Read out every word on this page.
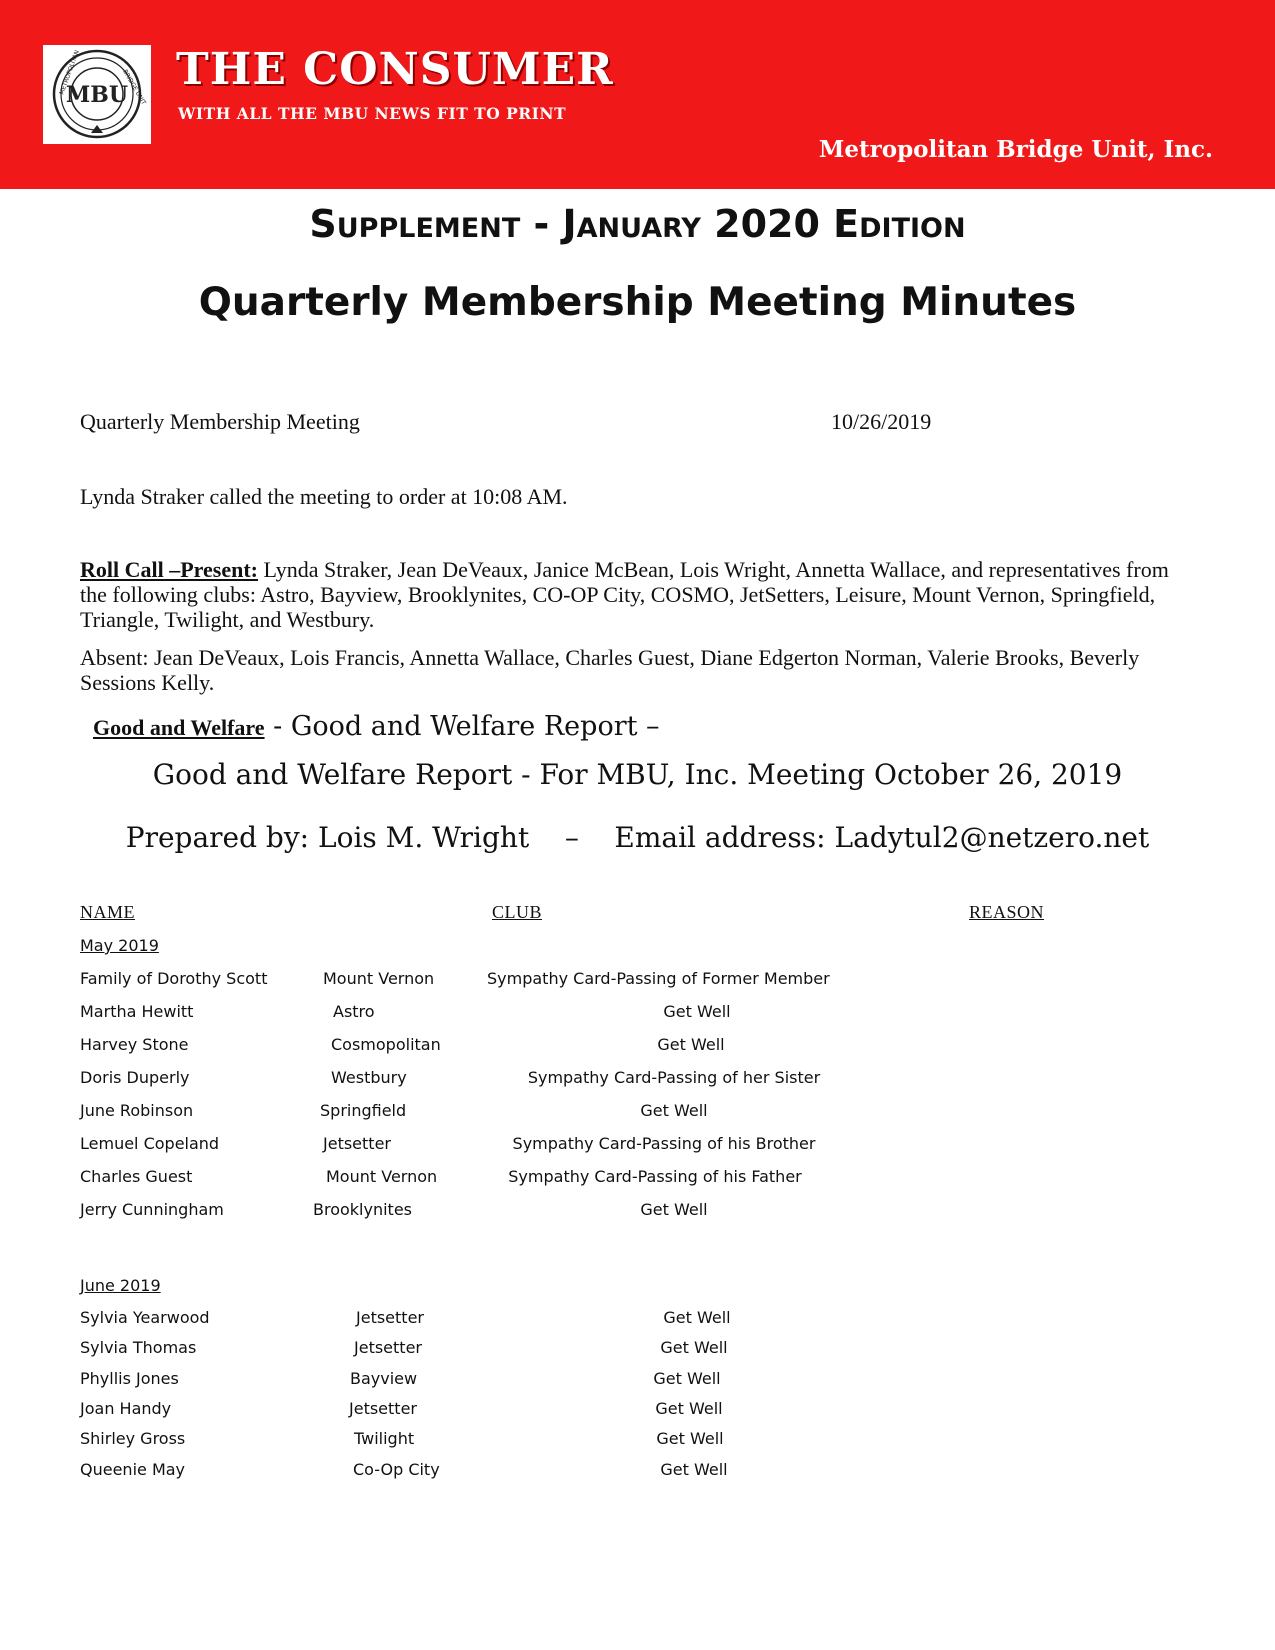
METROPOLITAN	BRIDGE UNIT
MBU THE CONSUMER

WITH ALL THE MBU NEWS FIT TO PRINT

Metropolitan Bridge Unit, Inc.

Supplement - January 2020 Edition
Quarterly Membership Meeting Minutes

Quarterly Membership Meeting	10/26/2019

Lynda Straker called the meeting to order at 10:08 AM.

Roll Call –Present: Lynda Straker, Jean DeVeaux, Janice McBean, Lois Wright, Annetta Wallace, and representatives from the following clubs: Astro, Bayview, Brooklynites, CO-OP City, COSMO, JetSetters, Leisure, Mount Vernon, Springfield, Triangle, Twilight, and Westbury.

Absent: Jean DeVeaux, Lois Francis, Annetta Wallace, Charles Guest, Diane Edgerton Norman, Valerie Brooks, Beverly Sessions Kelly.

Good and Welfare - Good and Welfare Report –

Good and Welfare Report - For MBU, Inc. Meeting October 26, 2019

Prepared by: Lois M. Wright    –    Email address: Ladytul2@netzero.net

NAME	CLUB	REASON

May 2019

Family of Dorothy Scott	Mount Vernon	Sympathy Card-Passing of Former Member

Martha Hewitt	Astro	Get Well

Harvey Stone	Cosmopolitan	Get Well

Doris Duperly	Westbury	Sympathy Card-Passing of her Sister

June Robinson	Springfield	Get Well

Lemuel Copeland	Jetsetter	Sympathy Card-Passing of his Brother

Charles Guest	Mount Vernon	Sympathy Card-Passing of his Father

Jerry Cunningham	Brooklynites	Get Well

June 2019

Sylvia Yearwood	Jetsetter	Get Well

Sylvia Thomas	Jetsetter	Get Well

Phyllis Jones	Bayview	Get Well

Joan Handy	Jetsetter	Get Well

Shirley Gross	Twilight	Get Well

Queenie May	Co-Op City	Get Well
